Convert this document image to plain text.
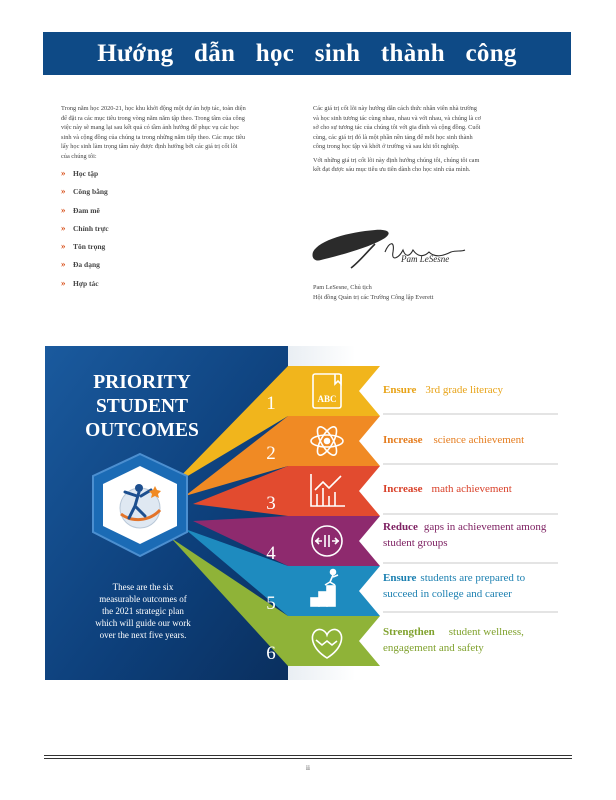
Hướng dẫn học sinh thành công

Trong năm học 2020-21, học khu khởi động một dự án hợp tác, toàn diện để đặt ra các mục tiêu trong vòng năm năm tập theo. Trong tâm của công việc này sẽ mang lại sau kết quả có tầm ảnh hưởng để phục vụ các học sinh và cộng đồng của chúng ta trong những năm tiếp theo. Các mục tiêu lấy học sinh làm trọng tâm này được định hướng bởi các giá trị cốt lõi của chúng tôi:

»	Học tập
»	Công bằng
»	Đam mê
»	Chính trực
»	Tôn trọng
»	Đa dạng
»	Hợp tác

Các giá trị cốt lõi này hướng dẫn cách thức nhân viên nhà trường và học sinh tương tác cùng nhau, nhau và với nhau, và chúng là cơ sở cho sự tương tác của chúng tôi với gia đình và cộng đồng. Cuối cùng, các giá trị đó là một phần nền tảng để mỗi học sinh thành công trong học tập và khởi ở trường và sau khi tốt nghiệp.

Với những giá trị cốt lõi này định hướng chúng tôi, chúng tôi cam kết đạt được sáu mục tiêu ưu tiên dành cho học sinh của mình.

Pam LeSesne
Pam LeSesne, Chủ tịch
Hội đồng Quản trị các Trường Công lập Everett
PRIORITY
STUDENT
OUTCOMES
These are the six
measurable outcomes of
the 2021 strategic plan
which will guide our work
over the next five years.
1
2
3
4
5
6
ABC
Ensure 3rd grade literacy
Increase science achievement
Increase math achievement
Reduce gaps in achievement among
student groups
Ensure students are prepared to
succeed in college and career
Strengthen student wellness,
engagement and safety
ii
